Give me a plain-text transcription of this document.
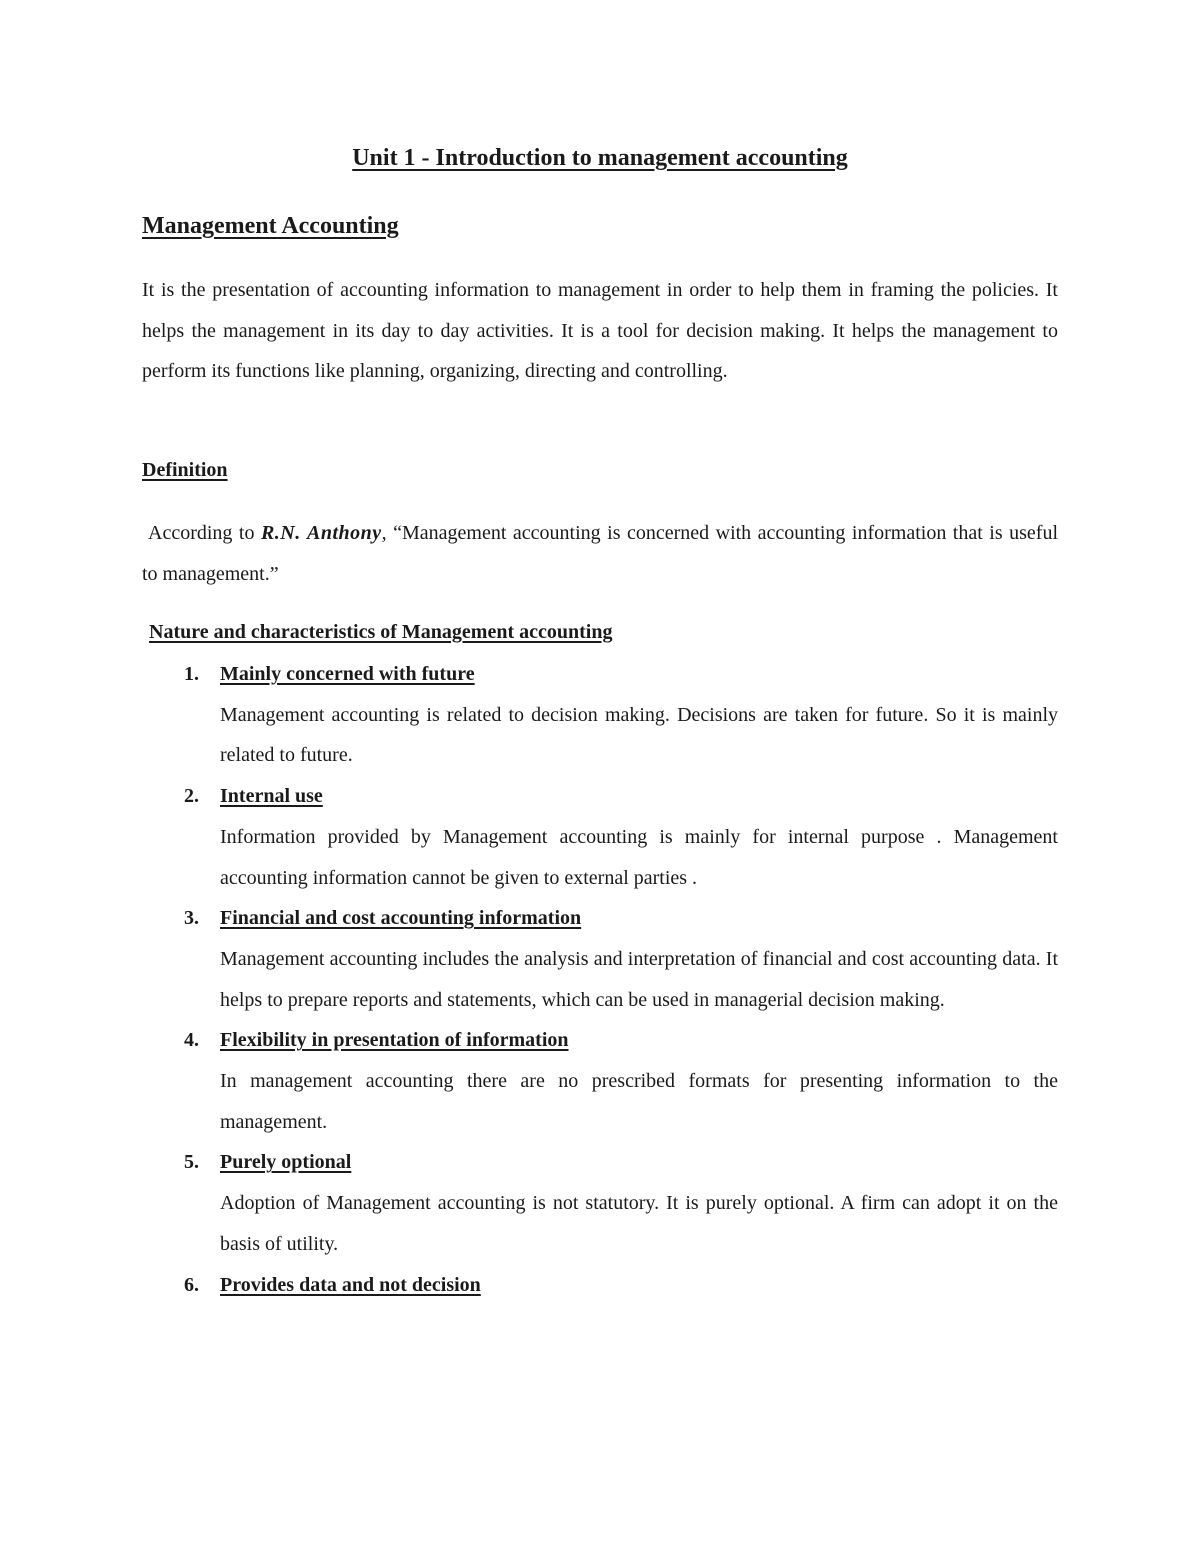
Unit 1 - Introduction to management accounting
Management Accounting

It is the presentation of accounting information to management in order to help them in framing the policies. It helps the management in its day to day activities. It is a tool for decision making. It helps the management to perform its functions like planning, organizing, directing and controlling.

Definition

According to R.N. Anthony, “Management accounting is concerned with accounting information that is useful to management.”

Nature and characteristics of Management accounting
1. Mainly concerned with future

Management accounting is related to decision making. Decisions are taken for future. So it is mainly related to future.

2. Internal use

Information provided by Management accounting is mainly for internal purpose . Management accounting information cannot be given to external parties .

3. Financial and cost accounting information

Management accounting includes the analysis and interpretation of financial and cost accounting data. It helps to prepare reports and statements, which can be used in managerial decision making.

4. Flexibility in presentation of information

In management accounting there are no prescribed formats for presenting information to the management.

5. Purely optional

Adoption of Management accounting is not statutory. It is purely optional. A firm can adopt it on the basis of utility.

6. Provides data and not decision
